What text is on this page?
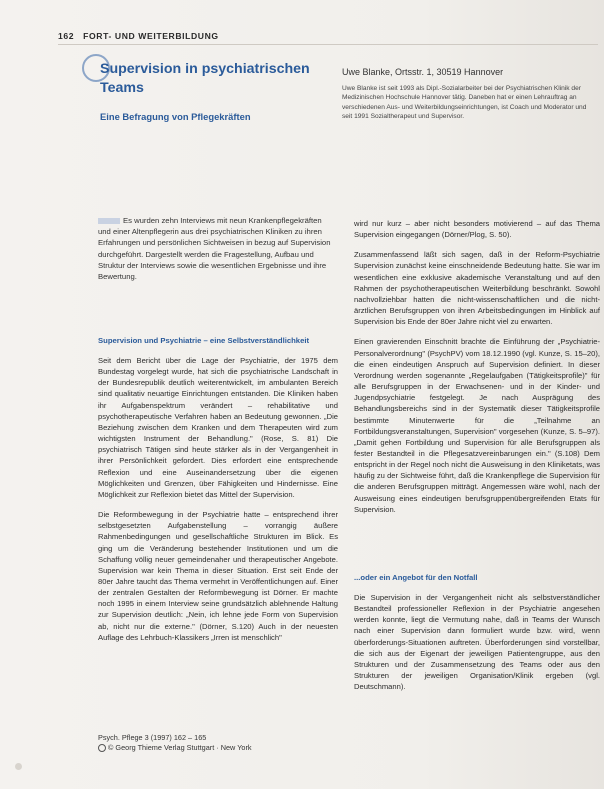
162 FORT- UND WEITERBILDUNG
Supervision in psychiatrischen Teams
Eine Befragung von Pflegekräften
Uwe Blanke, Ortsstr. 1, 30519 Hannover
Uwe Blanke ist seit 1993 als Dipl.-Sozialarbeiter bei der Psychiatrischen Klinik der Medizinischen Hochschule Hannover tätig. Daneben hat er einen Lehrauftrag an verschiedenen Aus- und Weiterbildungseinrichtungen, ist Coach und Moderator und seit 1991 Sozialtherapeut und Supervisor.
Es wurden zehn Interviews mit neun Krankenpflegekräften und einer Altenpflegerin aus drei psychiatrischen Kliniken zu ihren Erfahrungen und persönlichen Sichtweisen in bezug auf Supervision durchgeführt. Dargestellt werden die Fragestellung, Aufbau und Struktur der Interviews sowie die wesentlichen Ergebnisse und ihre Bewertung.

Supervision und Psychiatrie – eine Selbstverständlichkeit

Seit dem Bericht über die Lage der Psychiatrie, der 1975 dem Bundestag vorgelegt wurde, hat sich die psychiatrische Landschaft in der Bundesrepublik deutlich weiterentwickelt, im ambulanten Bereich sind qualitativ neuartige Einrichtungen entstanden. Die Kliniken haben ihr Aufgabenspektrum verändert – rehabilitative und psychotherapeutische Verfahren haben an Bedeutung gewonnen. „Die Beziehung zwischen dem Kranken und dem Therapeuten wird zum wichtigsten Instrument der Behandlung." (Rose, S. 81) Die psychiatrisch Tätigen sind heute stärker als in der Vergangenheit in ihrer Persönlichkeit gefordert. Dies erfordert eine entsprechende Reflexion und eine Auseinandersetzung über die eigenen Möglichkeiten und Grenzen, über Fähigkeiten und Hindernisse. Eine Möglichkeit zur Reflexion bietet das Mittel der Supervision.

Die Reformbewegung in der Psychiatrie hatte – entsprechend ihrer selbstgesetzten Aufgabenstellung – vorrangig äußere Rahmenbedingungen und gesellschaftliche Strukturen im Blick. Es ging um die Veränderung bestehender Institutionen und um die Schaffung völlig neuer gemeindenaher und therapeutischer Angebote. Supervision war kein Thema in dieser Situation. Erst seit Ende der 80er Jahre taucht das Thema vermehrt in Veröffentlichungen auf. Einer der zentralen Gestalten der Reformbewegung ist Dörner. Er machte noch 1995 in einem Interview seine grundsätzlich ablehnende Haltung zur Supervision deutlich: „Nein, ich lehne jede Form von Supervision ab, nicht nur die externe." (Dörner, S.120) Auch in der neuesten Auflage des Lehrbuch-Klassikers „Irren ist menschlich"

wird nur kurz – aber nicht besonders motivierend – auf das Thema Supervision eingegangen (Dörner/Plog, S. 50).

Zusammenfassend läßt sich sagen, daß in der Reform-Psychiatrie Supervision zunächst keine einschneidende Bedeutung hatte. Sie war im wesentlichen eine exklusive akademische Veranstaltung und auf den Rahmen der psychotherapeutischen Weiterbildung beschränkt. Sowohl nachvollziehbar hatten die nicht-wissenschaftlichen und die nicht-ärztlichen Berufsgruppen von ihren Arbeitsbedingungen im Hinblick auf Supervision bis Ende der 80er Jahre nicht viel zu erwarten.

Einen gravierenden Einschnitt brachte die Einführung der „Psychiatrie-Personalverordnung" (PsychPV) vom 18.12.1990 (vgl. Kunze, S. 15–20), die einen eindeutigen Anspruch auf Supervision definiert. In dieser Verordnung werden sogenannte „Regelaufgaben (Tätigkeitsprofile)" für alle Berufsgruppen in der Erwachsenen- und in der Kinder- und Jugendpsychiatrie festgelegt. Je nach Ausprägung des Behandlungsbereichs sind in der Systematik dieser Tätigkeitsprofile bestimmte Minutenwerte für die „Teilnahme an Fortbildungsveranstaltungen, Supervision" vorgesehen (Kunze, S. 5–97). „Damit gehen Fortbildung und Supervision für alle Berufsgruppen als fester Bestandteil in die Pflegesatzvereinbarungen ein." (S.108) Dem entspricht in der Regel noch nicht die Ausweisung in den Kliniketats, was häufig zu der Sichtweise führt, daß die Krankenpflege die Supervision für die anderen Berufsgruppen mitträgt. Angemessen wäre wohl, nach der Ausweisung eines eindeutigen berufsgruppenübergreifenden Etats für Supervision.

...oder ein Angebot für den Notfall

Die Supervision in der Vergangenheit nicht als selbstverständlicher Bestandteil professioneller Reflexion in der Psychiatrie angesehen werden konnte, liegt die Vermutung nahe, daß in Teams der Wunsch nach einer Supervision dann formuliert wurde bzw. wird, wenn überforderungs-Situationen auftreten. Überforderungen sind vorstellbar, die sich aus der Eigenart der jeweiligen Patientengruppe, aus den Strukturen und der Zusammensetzung des Teams oder aus den Strukturen der jeweiligen Organisation/Klinik ergeben (vgl. Deutschmann).

Psych. Pflege 3 (1997) 162 – 165
© Georg Thieme Verlag Stuttgart · New York
